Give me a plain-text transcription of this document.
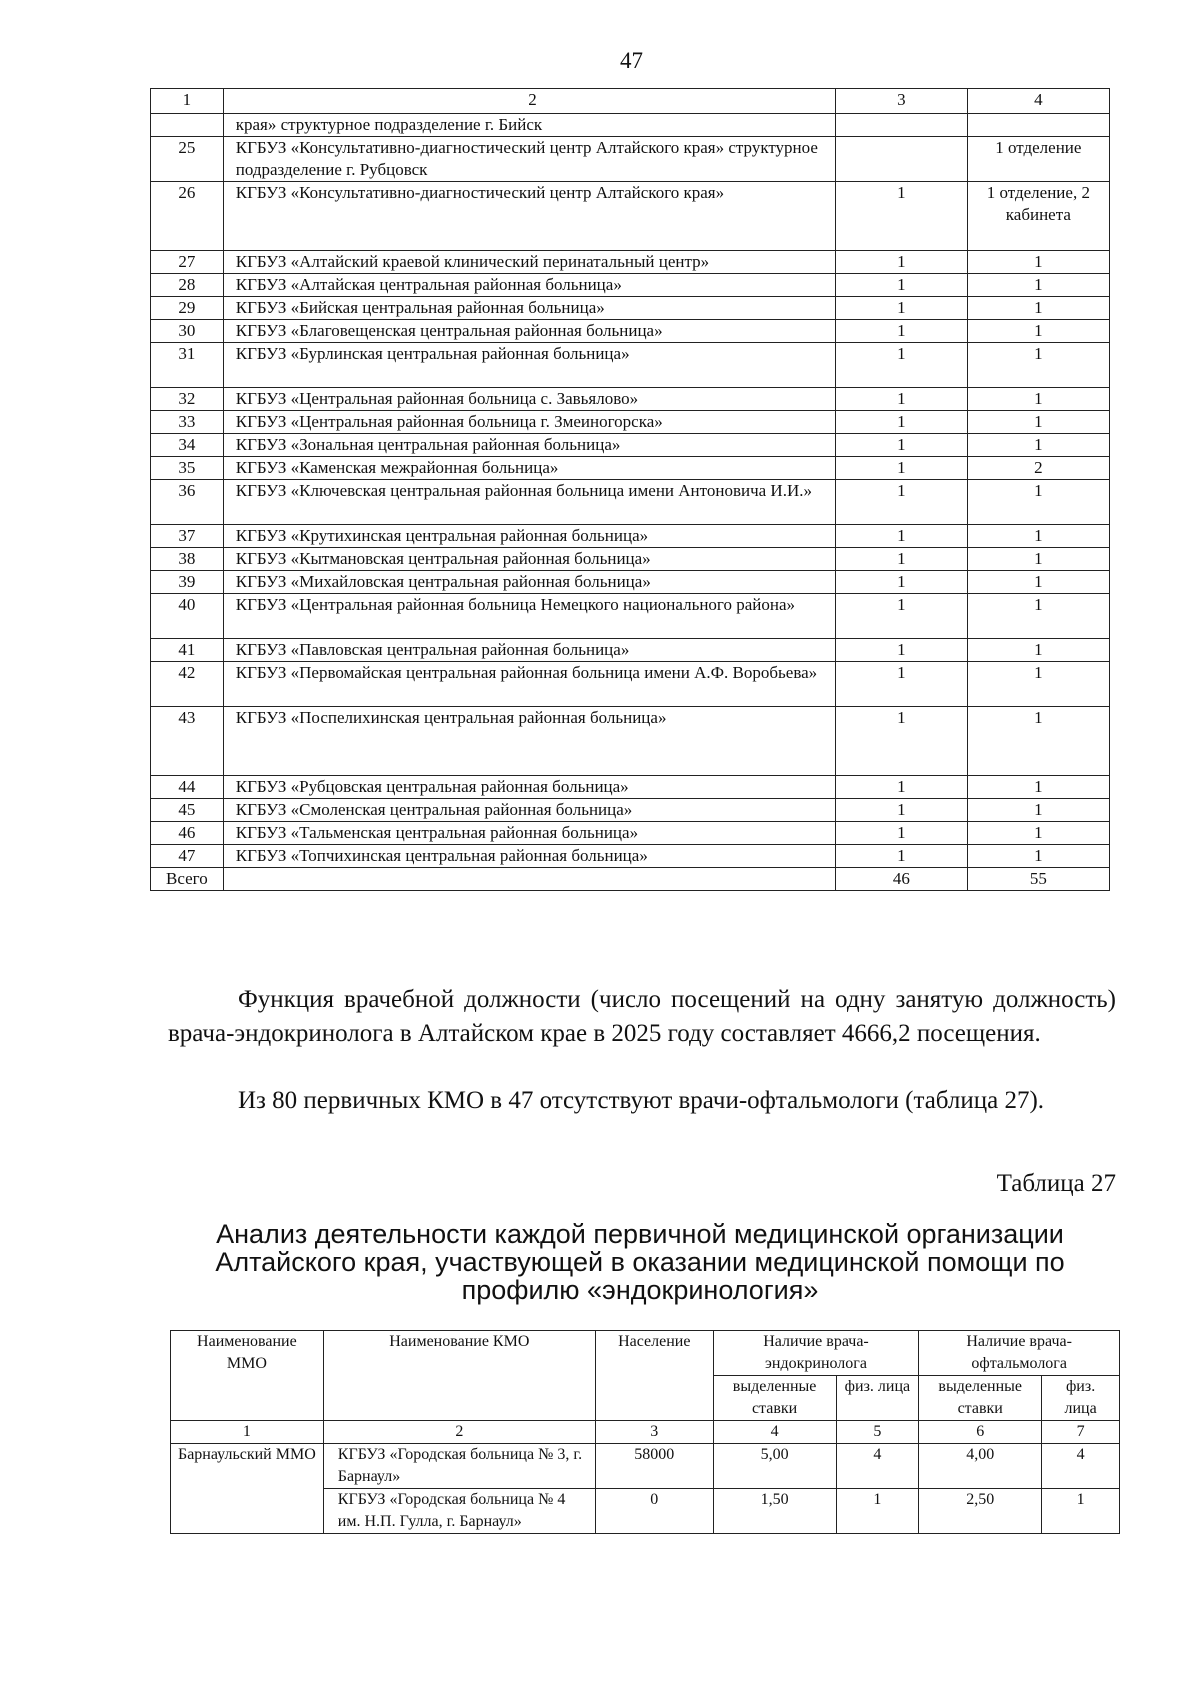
47
1	2	3	4
	края» структурное подразделение г. Бийск		
25	КГБУЗ «Консультативно-диагностический центр Алтайского края» структурное подразделение г. Рубцовск		1 отделение
26	КГБУЗ «Консультативно-диагностический центр Алтайского края»	1	1 отделение, 2 кабинета
27	КГБУЗ «Алтайский краевой клинический перинатальный центр»	1	1
28	КГБУЗ «Алтайская центральная районная больница»	1	1
29	КГБУЗ «Бийская центральная районная больница»	1	1
30	КГБУЗ «Благовещенская центральная районная больница»	1	1
31	КГБУЗ «Бурлинская центральная районная больница»	1	1
32	КГБУЗ «Центральная районная больница с. Завьялово»	1	1
33	КГБУЗ «Центральная районная больница г. Змеиногорска»	1	1
34	КГБУЗ «Зональная центральная районная больница»	1	1
35	КГБУЗ «Каменская межрайонная больница»	1	2
36	КГБУЗ «Ключевская центральная районная больница имени Антоновича И.И.»	1	1
37	КГБУЗ «Крутихинская центральная районная больница»	1	1
38	КГБУЗ «Кытмановская центральная районная больница»	1	1
39	КГБУЗ «Михайловская центральная районная больница»	1	1
40	КГБУЗ «Центральная районная больница Немецкого национального района»	1	1
41	КГБУЗ «Павловская центральная районная больница»	1	1
42	КГБУЗ «Первомайская центральная районная больница имени А.Ф. Воробьева»	1	1
43	КГБУЗ «Поспелихинская центральная районная больница»	1	1
44	КГБУЗ «Рубцовская центральная районная больница»	1	1
45	КГБУЗ «Смоленская центральная районная больница»	1	1
46	КГБУЗ «Тальменская центральная районная больница»	1	1
47	КГБУЗ «Топчихинская центральная районная больница»	1	1
Всего		46	55

Функция врачебной должности (число посещений на одну занятую должность) врача-эндокринолога в Алтайском крае в 2025 году составляет 4666,2 посещения.

Из 80 первичных КМО в 47 отсутствуют врачи-офтальмологи (таблица 27).

Таблица 27
Анализ деятельности каждой первичной медицинской организации Алтайского края, участвующей в оказании медицинской помощи по профилю «эндокринология»
Наименование ММО	Наименование КМО	Население	Наличие врача-эндокринолога		Наличие врача-офтальмолога	
			выделенные ставки	физ. лица	выделенные ставки	физ. лица
1	2	3	4	5	6	7
Барнаульский ММО	КГБУЗ «Городская больница № 3, г. Барнаул»	58000	5,00	4	4,00	4
	КГБУЗ «Городская больница № 4 им. Н.П. Гулла, г. Барнаул»	0	1,50	1	2,50	1
